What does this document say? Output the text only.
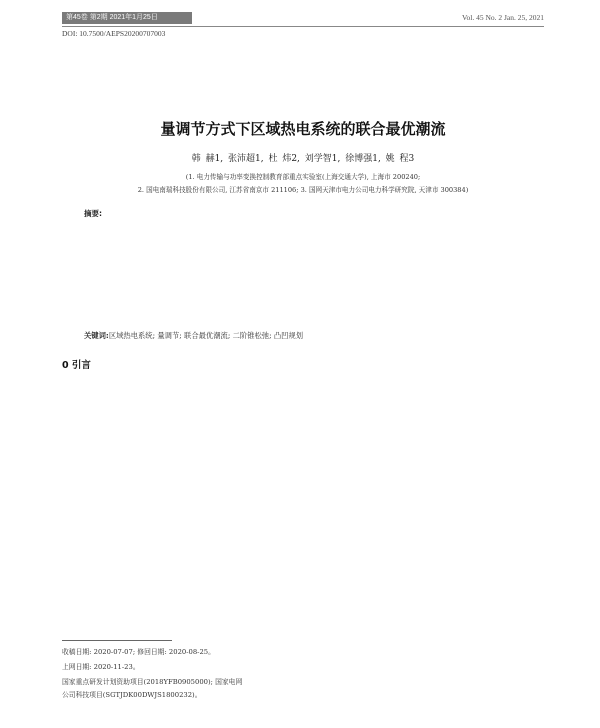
第45卷 第2期 2021年1月25日	Vol. 45 No. 2 Jan. 25, 2021
DOI: 10.7500/AEPS20200707003
量调节方式下区域热电系统的联合最优潮流
韩 赫1, 张沛超1, 杜 炜2, 刘学智1, 徐博强1, 姚 程3
(1. 电力传输与功率变换控制教育部重点实验室(上海交通大学), 上海市 200240;
2. 国电南瑞科技股份有限公司, 江苏省南京市 211106; 3. 国网天津市电力公司电力科学研究院, 天津市 300384)
摘要:
关键词:区域热电系统; 量调节; 联合最优潮流; 二阶锥松弛; 凸凹规划
0 引言
收稿日期: 2020-07-07; 修回日期: 2020-08-25。
上网日期: 2020-11-23。
国家重点研发计划资助项目(2018YFB0905000); 国家电网
公司科技项目(SGTJDK00DWJS1800232)。
